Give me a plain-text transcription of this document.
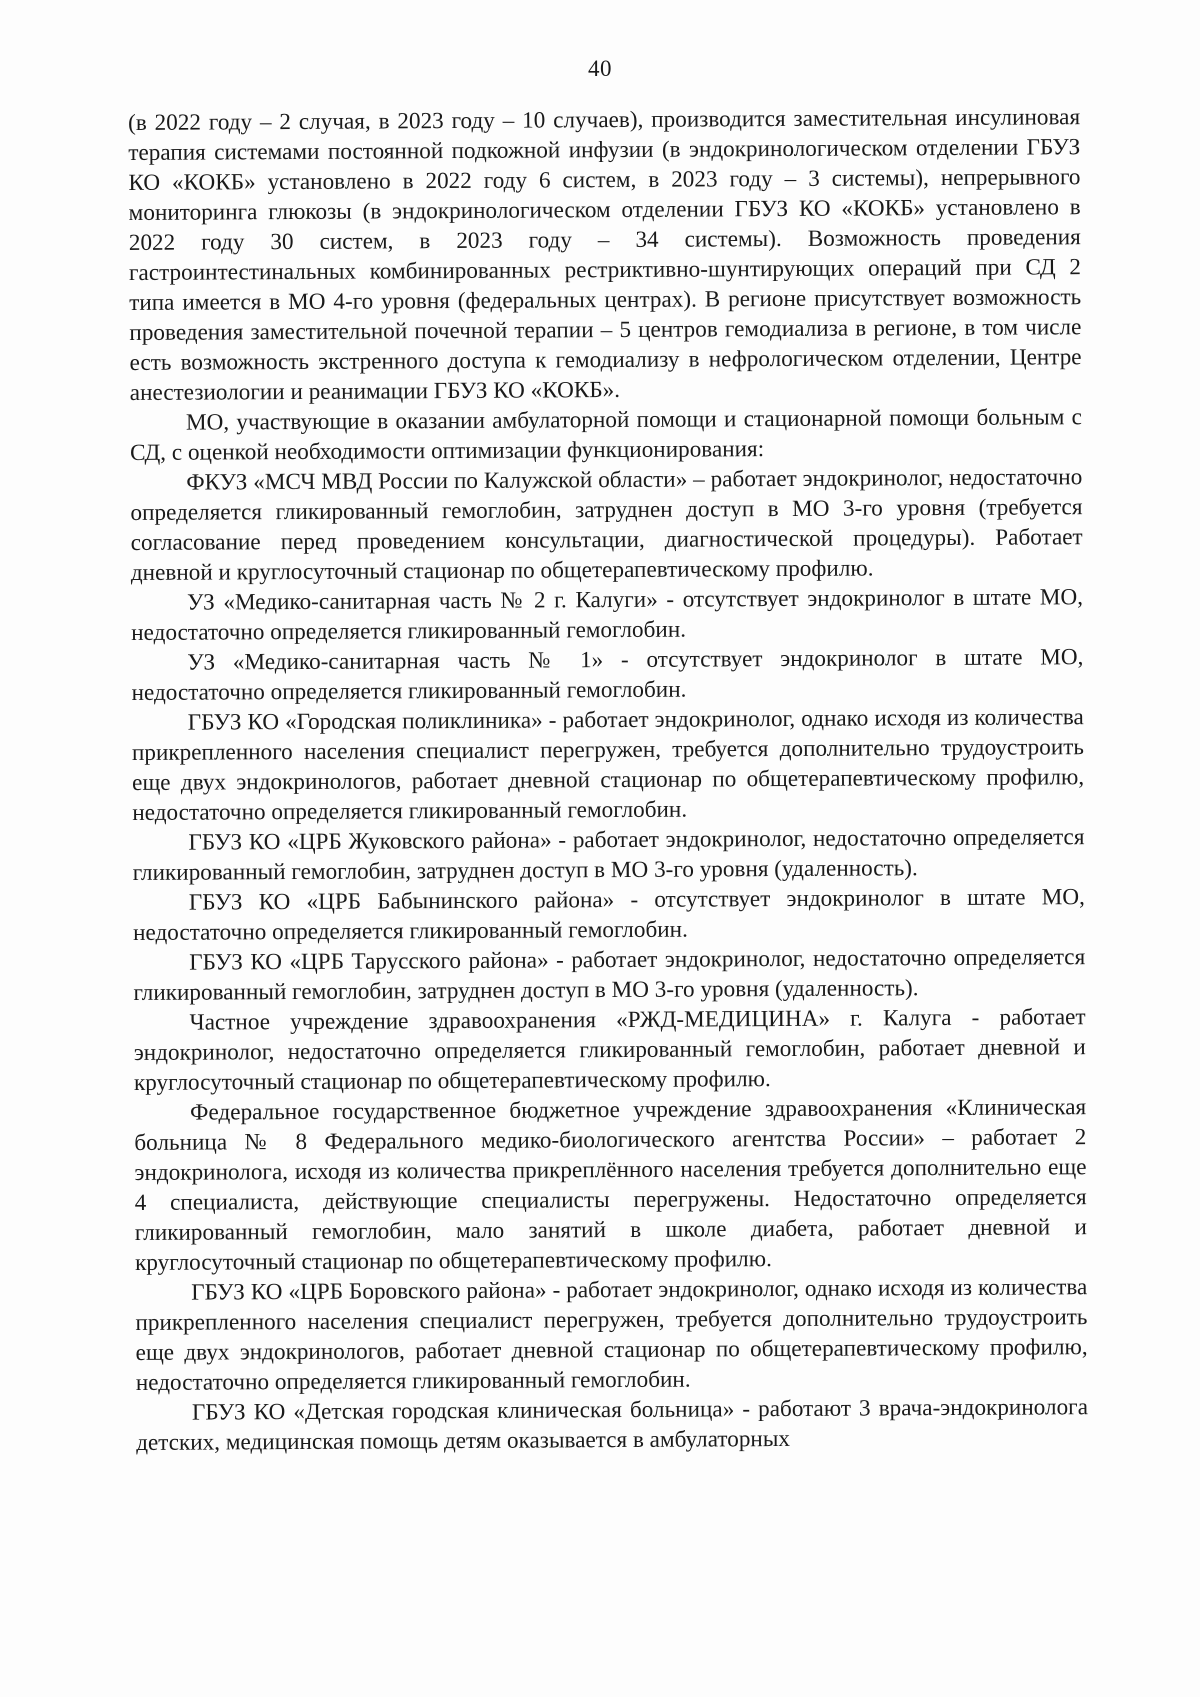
40

(в 2022 году – 2 случая, в 2023 году – 10 случаев), производится заместительная инсулиновая терапия системами постоянной подкожной инфузии (в эндокринологическом отделении ГБУЗ КО «КОКБ» установлено в 2022 году 6 систем, в 2023 году – 3 системы), непрерывного мониторинга глюкозы (в эндокринологическом отделении ГБУЗ КО «КОКБ» установлено в 2022 году 30 систем, в 2023 году – 34 системы). Возможность проведения гастроинтестинальных комбинированных рестриктивно-шунтирующих операций при СД 2 типа имеется в МО 4-го уровня (федеральных центрах). В регионе присутствует возможность проведения заместительной почечной терапии – 5 центров гемодиализа в регионе, в том числе есть возможность экстренного доступа к гемодиализу в нефрологическом отделении, Центре анестезиологии и реанимации ГБУЗ КО «КОКБ».

МО, участвующие в оказании амбулаторной помощи и стационарной помощи больным с СД, с оценкой необходимости оптимизации функционирования:

ФКУЗ «МСЧ МВД России по Калужской области» – работает эндокринолог, недостаточно определяется гликированный гемоглобин, затруднен доступ в МО 3-го уровня (требуется согласование перед проведением консультации, диагностической процедуры). Работает дневной и круглосуточный стационар по общетерапевтическому профилю.

УЗ «Медико-санитарная часть № 2 г. Калуги» - отсутствует эндокринолог в штате МО, недостаточно определяется гликированный гемоглобин.

УЗ «Медико-санитарная часть № 1» - отсутствует эндокринолог в штате МО, недостаточно определяется гликированный гемоглобин.

ГБУЗ КО «Городская поликлиника» - работает эндокринолог, однако исходя из количества прикрепленного населения специалист перегружен, требуется дополнительно трудоустроить еще двух эндокринологов, работает дневной стационар по общетерапевтическому профилю, недостаточно определяется гликированный гемоглобин.

ГБУЗ КО «ЦРБ Жуковского района» - работает эндокринолог, недостаточно определяется гликированный гемоглобин, затруднен доступ в МО 3-го уровня (удаленность).

ГБУЗ КО «ЦРБ Бабынинского района» - отсутствует эндокринолог в штате МО, недостаточно определяется гликированный гемоглобин.

ГБУЗ КО «ЦРБ Тарусского района» - работает эндокринолог, недостаточно определяется гликированный гемоглобин, затруднен доступ в МО 3-го уровня (удаленность).

Частное учреждение здравоохранения «РЖД-МЕДИЦИНА» г. Калуга - работает эндокринолог, недостаточно определяется гликированный гемоглобин, работает дневной и круглосуточный стационар по общетерапевтическому профилю.

Федеральное государственное бюджетное учреждение здравоохранения «Клиническая больница № 8 Федерального медико-биологического агентства России» – работает 2 эндокринолога, исходя из количества прикреплённого населения требуется дополнительно еще 4 специалиста, действующие специалисты перегружены. Недостаточно определяется гликированный гемоглобин, мало занятий в школе диабета, работает дневной и круглосуточный стационар по общетерапевтическому профилю.

ГБУЗ КО «ЦРБ Боровского района» - работает эндокринолог, однако исходя из количества прикрепленного населения специалист перегружен, требуется дополнительно трудоустроить еще двух эндокринологов, работает дневной стационар по общетерапевтическому профилю, недостаточно определяется гликированный гемоглобин.

ГБУЗ КО «Детская городская клиническая больница» - работают 3 врача-эндокринолога детских, медицинская помощь детям оказывается в амбулаторных
